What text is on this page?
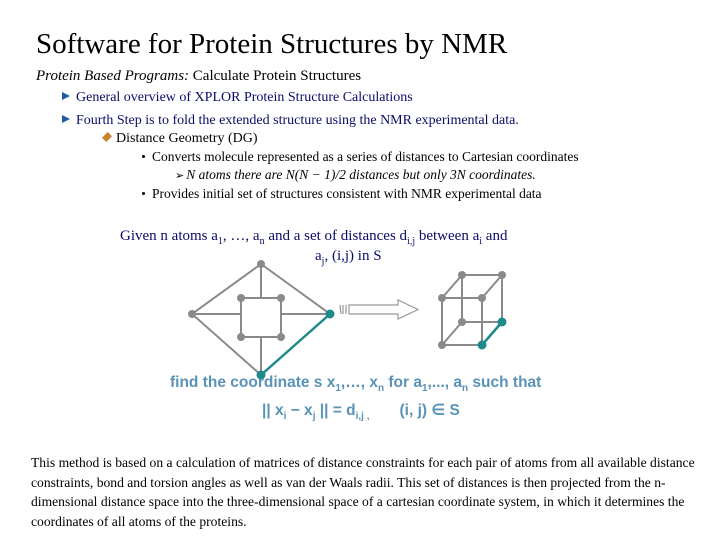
Software for Protein Structures by NMR
Protein Based Programs: Calculate Protein Structures
General overview of XPLOR Protein Structure Calculations
Fourth Step is to fold the extended structure using the NMR experimental data.
Distance Geometry (DG)
Converts molecule represented as a series of distances to Cartesian coordinates
➢ N atoms there are N(N − 1)/2 distances but only 3N coordinates.
Provides initial set of structures consistent with NMR experimental data
Given n atoms $a_1$, …, $a_n$ and a set of distances $d_{i,j}$ between $a_i$ and
$a_j$, (i,j) in S
find the coordinate s $x_1,\dots$, $x_n$ for $a_1$,..., $a_n$ such that
|| $x_i - x_j$ || = $d_{i,j ,}$ (i, j) ∈ S
This method is based on a calculation of matrices of distance constraints for each pair of atoms from all available distance constraints, bond and torsion angles as well as van der Waals radii. This set of distances is then projected from the n-dimensional distance space into the three-dimensional space of a cartesian coordinate system, in which it determines the coordinates of all atoms of the proteins.
